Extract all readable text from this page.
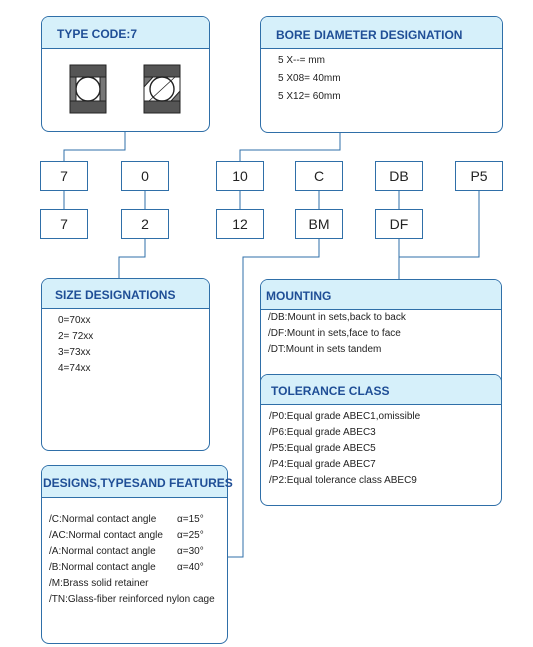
TYPE CODE:7	BORE DIAMETER DESIGNATION
5 X--= mm
5 X08= 40mm
5 X12= 60mm
7	0	10	C	DB	P5
7	2	12	BM	DF
SIZE DESIGNATIONS
0=70xx
2= 72xx
3=73xx
4=74xx
MOUNTING
/DB:Mount in sets,back to back
/DF:Mount in sets,face to face
/DT:Mount in sets tandem
TOLERANCE CLASS
/P0:Equal grade ABEC1,omissible
/P6:Equal grade ABEC3
/P5:Equal grade ABEC5
/P4:Equal grade ABEC7
/P2:Equal tolerance class ABEC9
DESIGNS,TYPESAND FEATURES
/C:Normal contact angle α=15°
/AC:Normal contact angle α=25°
/A:Normal contact angle α=30°
/B:Normal contact angle α=40°
/M:Brass solid retainer
/TN:Glass-fiber reinforced nylon cage
